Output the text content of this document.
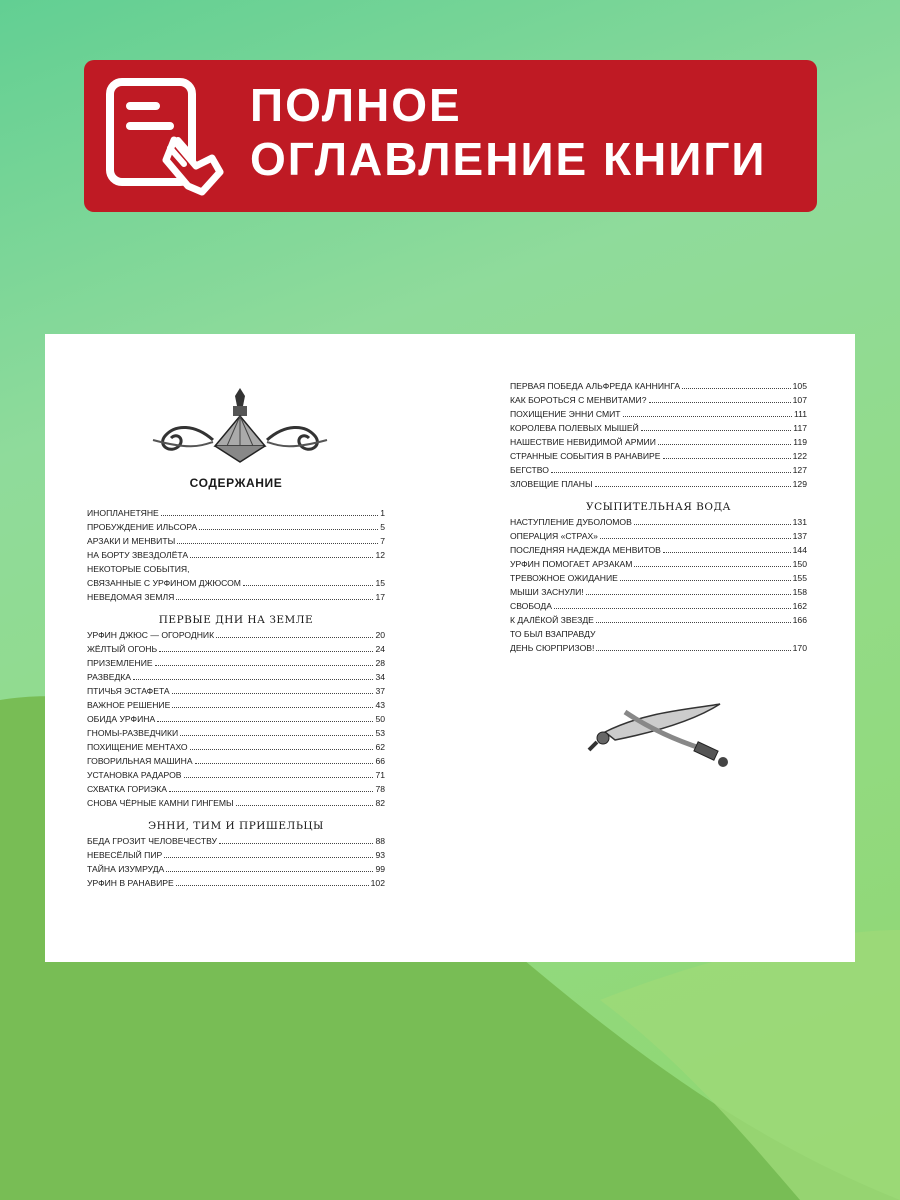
ПОЛНОЕ
ОГЛАВЛЕНИЕ КНИГИ
СОДЕРЖАНИЕ
ИНОПЛАНЕТЯНЕ	1
ПРОБУЖДЕНИЕ ИЛЬСОРА	5
АРЗАКИ И МЕНВИТЫ	7
НА БОРТУ ЗВЕЗДОЛЁТА	12
НЕКОТОРЫЕ СОБЫТИЯ,
СВЯЗАННЫЕ С УРФИНОМ ДЖЮСОМ	15
НЕВЕДОМАЯ ЗЕМЛЯ	17
ПЕРВЫЕ ДНИ НА ЗЕМЛЕ
УРФИН ДЖЮС — ОГОРОДНИК	20
ЖЁЛТЫЙ ОГОНЬ	24
ПРИЗЕМЛЕНИЕ	28
РАЗВЕДКА	34
ПТИЧЬЯ ЭСТАФЕТА	37
ВАЖНОЕ РЕШЕНИЕ	43
ОБИДА УРФИНА	50
ГНОМЫ-РАЗВЕДЧИКИ	53
ПОХИЩЕНИЕ МЕНТАХО	62
ГОВОРИЛЬНАЯ МАШИНА	66
УСТАНОВКА РАДАРОВ	71
СХВАТКА ГОРИЭКА	78
СНОВА ЧЁРНЫЕ КАМНИ ГИНГЕМЫ	82
ЭННИ, ТИМ И ПРИШЕЛЬЦЫ
БЕДА ГРОЗИТ ЧЕЛОВЕЧЕСТВУ	88
НЕВЕСЁЛЫЙ ПИР	93
ТАЙНА ИЗУМРУДА	99
УРФИН В РАНАВИРЕ	102
ПЕРВАЯ ПОБЕДА АЛЬФРЕДА КАННИНГА	105
КАК БОРОТЬСЯ С МЕНВИТАМИ?	107
ПОХИЩЕНИЕ ЭННИ СМИТ	111
КОРОЛЕВА ПОЛЕВЫХ МЫШЕЙ	117
НАШЕСТВИЕ НЕВИДИМОЙ АРМИИ	119
СТРАННЫЕ СОБЫТИЯ В РАНАВИРЕ	122
БЕГСТВО	127
ЗЛОВЕЩИЕ ПЛАНЫ	129
УСЫПИТЕЛЬНАЯ ВОДА
НАСТУПЛЕНИЕ ДУБОЛОМОВ	131
ОПЕРАЦИЯ «СТРАХ»	137
ПОСЛЕДНЯЯ НАДЕЖДА МЕНВИТОВ	144
УРФИН ПОМОГАЕТ АРЗАКАМ	150
ТРЕВОЖНОЕ ОЖИДАНИЕ	155
МЫШИ ЗАСНУЛИ!	158
СВОБОДА	162
К ДАЛЁКОЙ ЗВЕЗДЕ	166
ТО БЫЛ ВЗАПРАВДУ
ДЕНЬ СЮРПРИЗОВ!	170
